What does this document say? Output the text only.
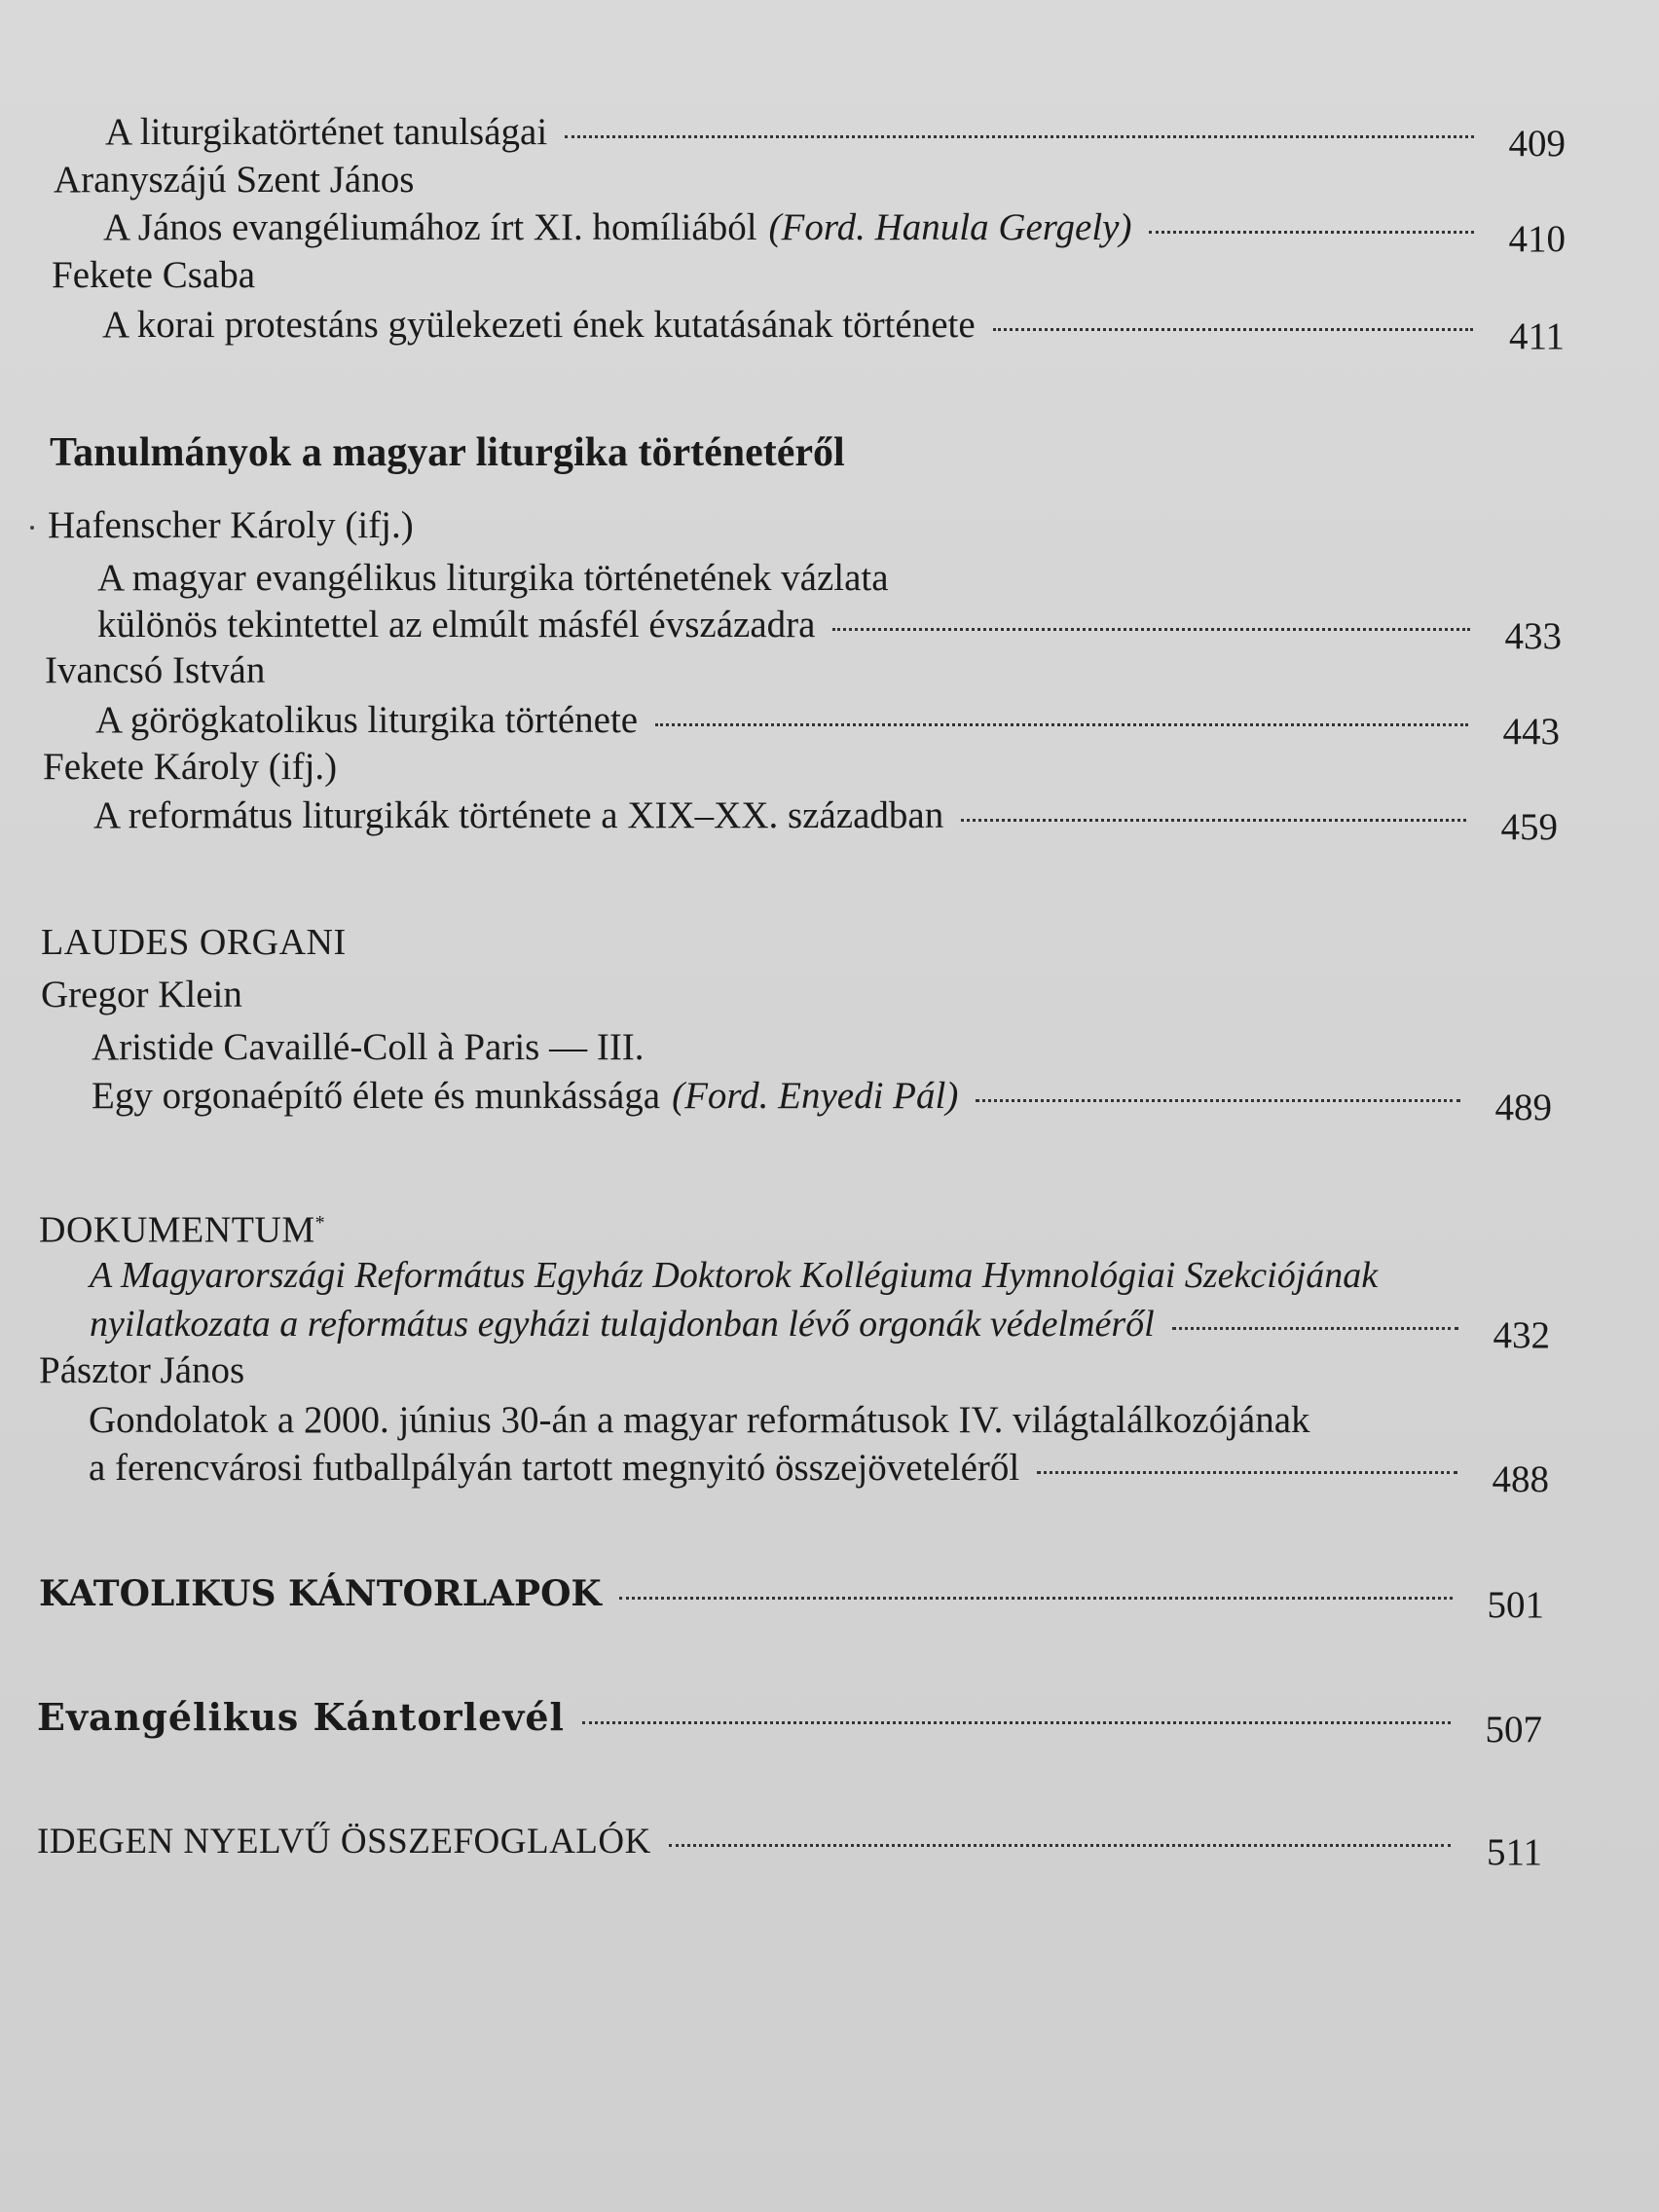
A liturgikatörténet tanulságai	409
Aranyszájú Szent János
A János evangéliumához írt XI. homíliából (Ford. Hanula Gergely)	410
Fekete Csaba
A korai protestáns gyülekezeti ének kutatásának története	411
Tanulmányok a magyar liturgika történetéről
Hafenscher Károly (ifj.)
A magyar evangélikus liturgika történetének vázlata
különös tekintettel az elmúlt másfél évszázadra	433
Ivancsó István
A görögkatolikus liturgika története	443
Fekete Károly (ifj.)
A református liturgikák története a XIX–XX. században	459
LAUDES ORGANI
Gregor Klein
Aristide Cavaillé-Coll à Paris — III.
Egy orgonaépítő élete és munkássága (Ford. Enyedi Pál)	489
DOKUMENTUM*
A Magyarországi Református Egyház Doktorok Kollégiuma Hymnológiai Szekciójának
nyilatkozata a református egyházi tulajdonban lévő orgonák védelméről	432
Pásztor János
Gondolatok a 2000. június 30-án a magyar reformátusok IV. világtalálkozójának
a ferencvárosi futballpályán tartott megnyitó összejöveteléről	488
KATOLIKUS KÁNTORLAPOK	501
Evangélikus Kántorlevél	507
IDEGEN NYELVŰ ÖSSZEFOGLALÓK	511
